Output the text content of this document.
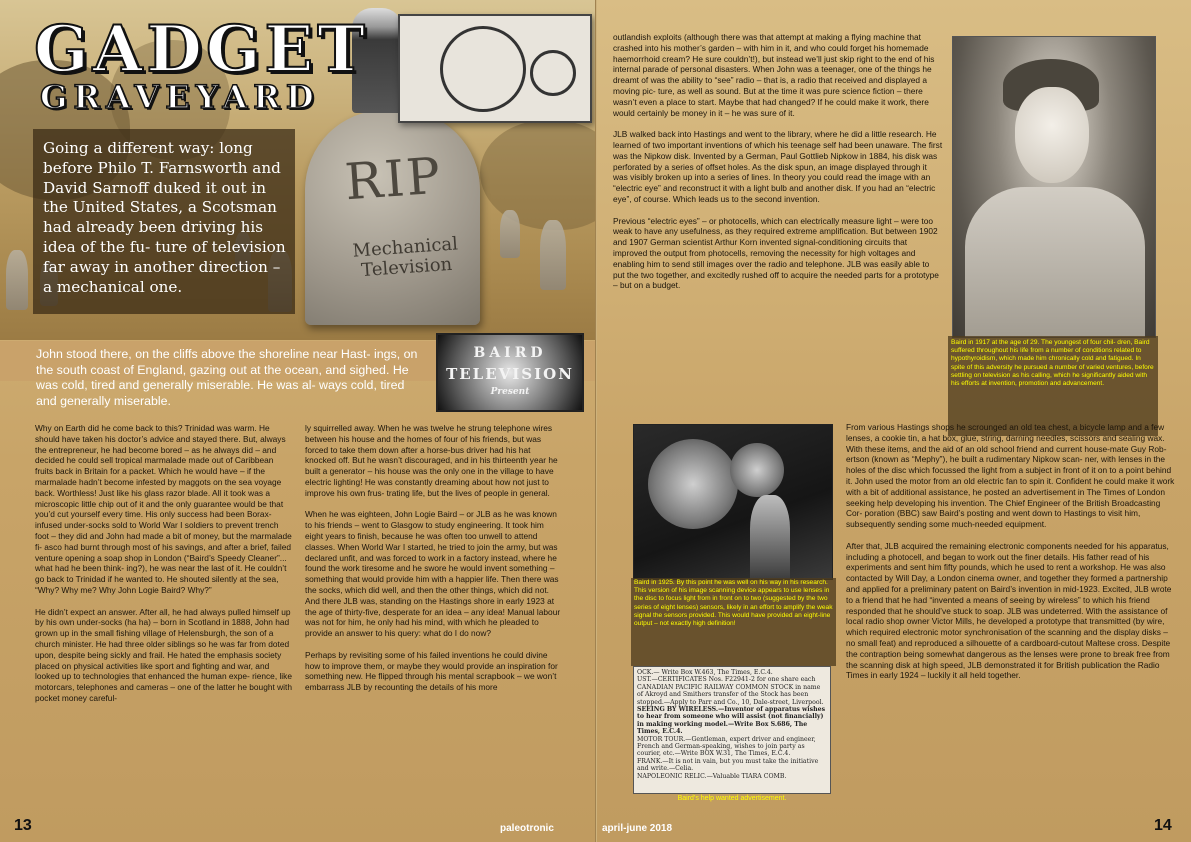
RIP
Mechanical Television
GADGET
GRAVEYARD
Going a different way: long before Philo T. Farnsworth and David Sarnoff duked it out in the United States, a Scotsman had already been driving his idea of the fu- ture of television far away in another direction – a mechanical one.
John stood there, on the cliffs above the shoreline near Hast- ings, on the south coast of England, gazing out at the ocean, and sighed. He was cold, tired and generally miserable. He was al- ways cold, tired and generally miserable.
BAIRD
TELEVISION
Present

Why on Earth did he come back to this? Trinidad was warm. He should have taken his doctor’s advice and stayed there. But, always the entrepreneur, he had become bored – as he always did – and decided he could sell tropical marmalade made out of Caribbean fruits back in Britain for a packet. Which he would have – if the marmalade hadn’t become infested by maggots on the sea voyage back. Worthless! Just like his glass razor blade. All it took was a microscopic little chip out of it and the only guarantee would be that you’d cut yourself every time. His only success had been Borax-infused under-socks sold to World War I soldiers to prevent trench foot – they did and John had made a bit of money, but the marmalade fi- asco had burnt through most of his savings, and after a brief, failed venture opening a soap shop in London (“Baird’s Speedy Cleaner”... what had he been think- ing?), he was near the last of it. He couldn’t go back to Trinidad if he wanted to. He shouted silently at the sea, “Why? Why me? Why John Logie Baird? Why?”

He didn’t expect an answer. After all, he had always pulled himself up by his own under-socks (ha ha) – born in Scotland in 1888, John had grown up in the small fishing village of Helensburgh, the son of a church minister. He had three older siblings so he was far from doted upon, despite being sickly and frail. He hated the emphasis society placed on physical activities like sport and fighting and war, and looked up to technologies that enhanced the human expe- rience, like motorcars, telephones and cameras – one of the latter he bought with pocket money careful-

ly squirrelled away. When he was twelve he strung telephone wires between his house and the homes of four of his friends, but was forced to take them down after a horse-bus driver had his hat knocked off. But he wasn’t discouraged, and in his thirteenth year he built a generator – his house was the only one in the village to have electric lighting! He was constantly dreaming about how not just to improve his own frus- trating life, but the lives of people in general.

When he was eighteen, John Logie Baird – or JLB as he was known to his friends – went to Glasgow to study engineering. It took him eight years to finish, because he was often too unwell to attend classes. When World War I started, he tried to join the army, but was declared unfit, and was forced to work in a factory instead, where he found the work tiresome and he swore he would invent something – something that would provide him with a happier life. Then there was the socks, which did well, and then the other things, which did not. And there JLB was, standing on the Hastings shore in early 1923 at the age of thirty-five, desperate for an idea – any idea! Manual labour was not for him, he only had his mind, with which he pleaded to provide an answer to his query: what do I do now?

Perhaps by revisiting some of his failed inventions he could divine how to improve them, or maybe they would provide an inspiration for something new. He flipped through his mental scrapbook – we won’t embarrass JLB by recounting the details of his more

13	paleotronic

outlandish exploits (although there was that attempt at making a flying machine that crashed into his mother’s garden – with him in it, and who could forget his homemade haemorrhoid cream? He sure couldn’t!), but instead we’ll just skip right to the end of his internal parade of personal disasters. When John was a teenager, one of the things he dreamt of was the ability to “see” radio – that is, a radio that received and displayed a moving pic- ture, as well as sound. But at the time it was pure science fiction – there wasn’t even a place to start. Maybe that had changed? If he could make it work, there would certainly be money in it – he was sure of it.

JLB walked back into Hastings and went to the library, where he did a little research. He learned of two important inventions of which his teenage self had been unaware. The first was the Nipkow disk. Invented by a German, Paul Gottlieb Nipkow in 1884, his disk was perforated by a series of offset holes. As the disk spun, an image displayed through it was visibly broken up into a series of lines. In theory you could read the image with an “electric eye” and reconstruct it with a light bulb and another disk. If you had an “electric eye”, of course. Which leads us to the second invention.

Previous “electric eyes” – or photocells, which can electrically measure light – were too weak to have any usefulness, as they required extreme amplification. But between 1902 and 1907 German scientist Arthur Korn invented signal-conditioning circuits that improved the output from photocells, removing the necessity for high voltages and enabling him to send still images over the radio and telephone. JLB was easily able to put the two together, and excitedly rushed off to acquire the needed parts for a prototype – but on a budget.

Baird in 1917 at the age of 29. The youngest of four chil- dren, Baird suffered throughout his life from a number of conditions related to hypothyroidism, which made him chronically cold and fatigued. In spite of this adversity he pursued a number of varied ventures, before settling on television as his calling, which he significantly aided with his efforts at invention, promotion and advancement.
Baird in 1925. By this point he was well on his way in his research. This version of his image scanning device appears to use lenses in the disc to focus light from in front on to two (suggested by the two series of eight lenses) sensors, likely in an effort to amplify the weak signal the sensors provided. This would have provided an eight-line output – not exactly high definition!
OCK.— Write Box W.463, The Times, E.C.4.
UST.—CERTIFICATES Nos. F22941-2 for one share each CANADIAN PACIFIC RAILWAY COMMON STOCK in name of Akroyd and Smithers transfer of the Stock has been stopped.—Apply to Parr and Co., 10, Dale-street, Liverpool.
SEEING BY WIRELESS.—Inventor of apparatus wishes to hear from someone who will assist (not financially) in making working model.—Write Box S.686, The Times, E.C.4.
MOTOR TOUR.—Gentleman, expert driver and engineer, French and German-speaking, wishes to join party as courier, etc.—Write BOX W.31, The Times, E.C.4.
FRANK.—It is not in vain, but you must take the initiative and write.—Celia.
NAPOLEONIC RELIC.—Valuable TIARA COMB.
Baird’s help wanted advertisement.

From various Hastings shops he scrounged an old tea chest, a bicycle lamp and a few lenses, a cookie tin, a hat box, glue, string, darning needles, scissors and sealing wax. With these items, and the aid of an old school friend and current house-mate Guy Rob- ertson (known as “Mephy”), he built a rudimentary Nipkow scan- ner, with lenses in the holes of the disc which focussed the light from a subject in front of it on to a point behind it. John used the motor from an old electric fan to spin it. Confident he could make it work with a bit of additional assistance, he posted an advertisement in The Times of London seeking help developing his invention. The Chief Engineer of the British Broadcasting Cor- poration (BBC) saw Baird’s posting and went down to Hastings to visit him, subsequently sending some much-needed equipment.

After that, JLB acquired the remaining electronic components needed for his apparatus, including a photocell, and began to work out the finer details. His father read of his experiments and sent him fifty pounds, which he used to rent a workshop. He was also contacted by Will Day, a London cinema owner, and together they formed a partnership and applied for a preliminary patent on Baird’s invention in mid-1923. Excited, JLB wrote to a friend that he had “invented a means of seeing by wireless” to which his friend responded that he should’ve stuck to soap. JLB was undeterred. With the assistance of local radio shop owner Victor Mills, he developed a prototype that transmitted (by wire, which required electronic motor synchronisation of the scanning and the display disks – no small feat) and reproduced a silhouette of a cardboard-cutout Maltese cross. Despite the contraption being somewhat dangerous as the lenses were prone to break free from the scanning disk at high speed, JLB demonstrated it for British publication the Radio Times in early 1924 – luckily it all held together.

april-june 2018	14
